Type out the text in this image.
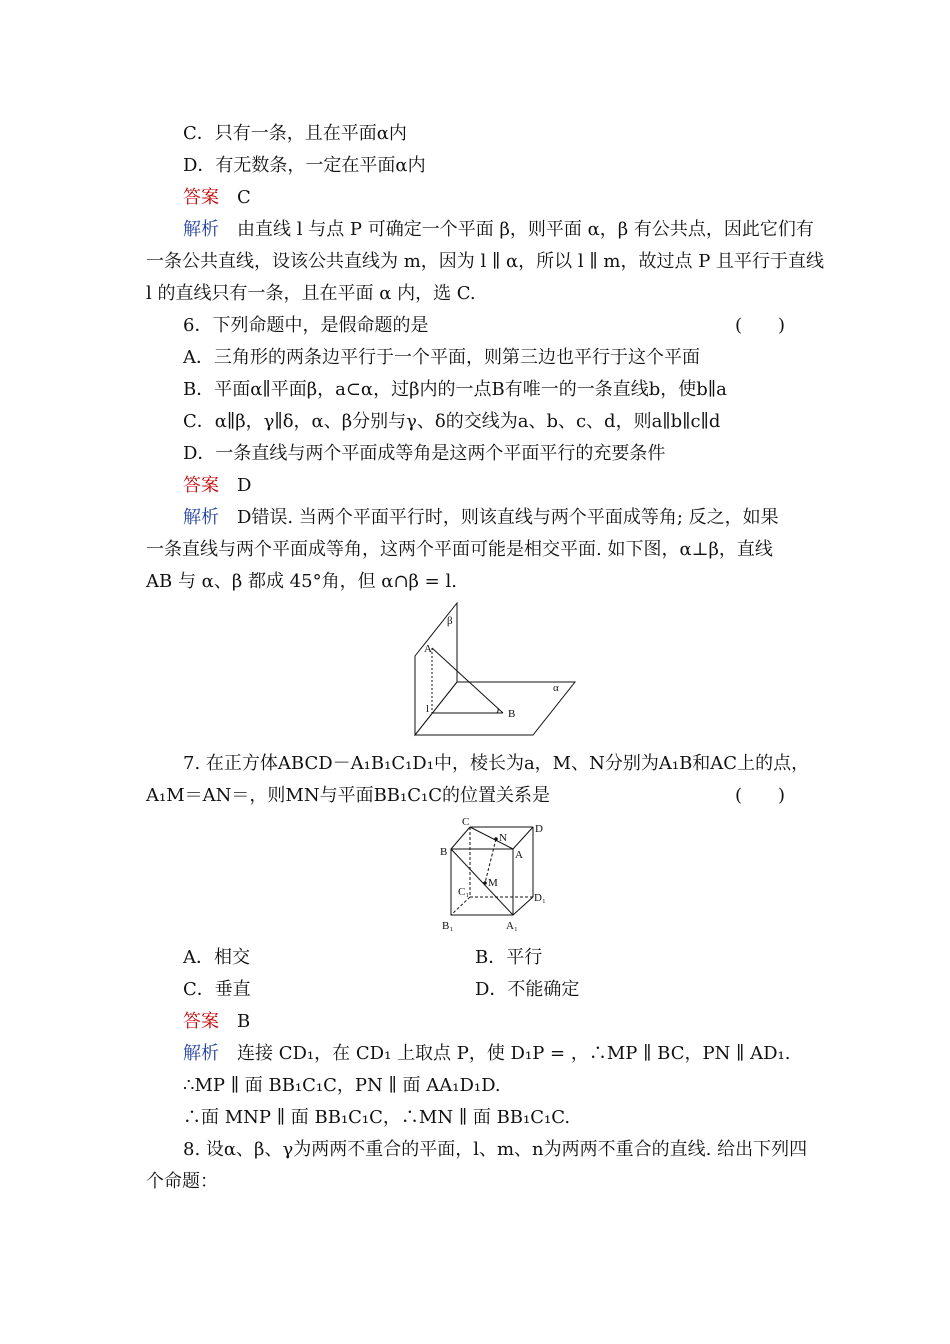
C．只有一条，且在平面α内
D．有无数条，一定在平面α内
答案　 C
解析　 由直线 l 与点 P 可确定一个平面 β，则平面 α，β 有公共点，因此它们有
一条公共直线，设该公共直线为 m，因为 l ∥ α，所以 l ∥ m，故过点 P 且平行于直线
l 的直线只有一条，且在平面 α 内，选 C.
6．下列命题中，是假命题的是	(　　)
A．三角形的两条边平行于一个平面，则第三边也平行于这个平面
B．平面α∥平面β，a⊂α，过β内的一点B有唯一的一条直线b，使b∥a
C．α∥β，γ∥δ，α、β分别与γ、δ的交线为a、b、c、d，则a∥b∥c∥d
D．一条直线与两个平面成等角是这两个平面平行的充要条件
答案　 D
解析　 D错误. 当两个平面平行时，则该直线与两个平面成等角; 反之，如果
一条直线与两个平面成等角，这两个平面可能是相交平面. 如下图，α⊥β，直线
AB 与 α、β 都成 45°角，但 α∩β = l.
β
α
A
B
l
7. 在正方体ABCD－A₁B₁C₁D₁中，棱长为a，M、N分别为A₁B和AC上的点，
A₁M＝AN＝，则MN与平面BB₁C₁C的位置关系是	(　　)
C
N
D
B	A
C₁
M
D₁
B₁	A₁
A．相交	B．平行
C．垂直	D．不能确定
答案　 B
解析　 连接 CD₁，在 CD₁ 上取点 P，使 D₁P = ，∴MP ∥ BC，PN ∥ AD₁.
∴MP ∥ 面 BB₁C₁C，PN ∥ 面 AA₁D₁D.
∴面 MNP ∥ 面 BB₁C₁C，∴MN ∥ 面 BB₁C₁C.
8. 设α、β、γ为两两不重合的平面，l、m、n为两两不重合的直线. 给出下列四
个命题：
